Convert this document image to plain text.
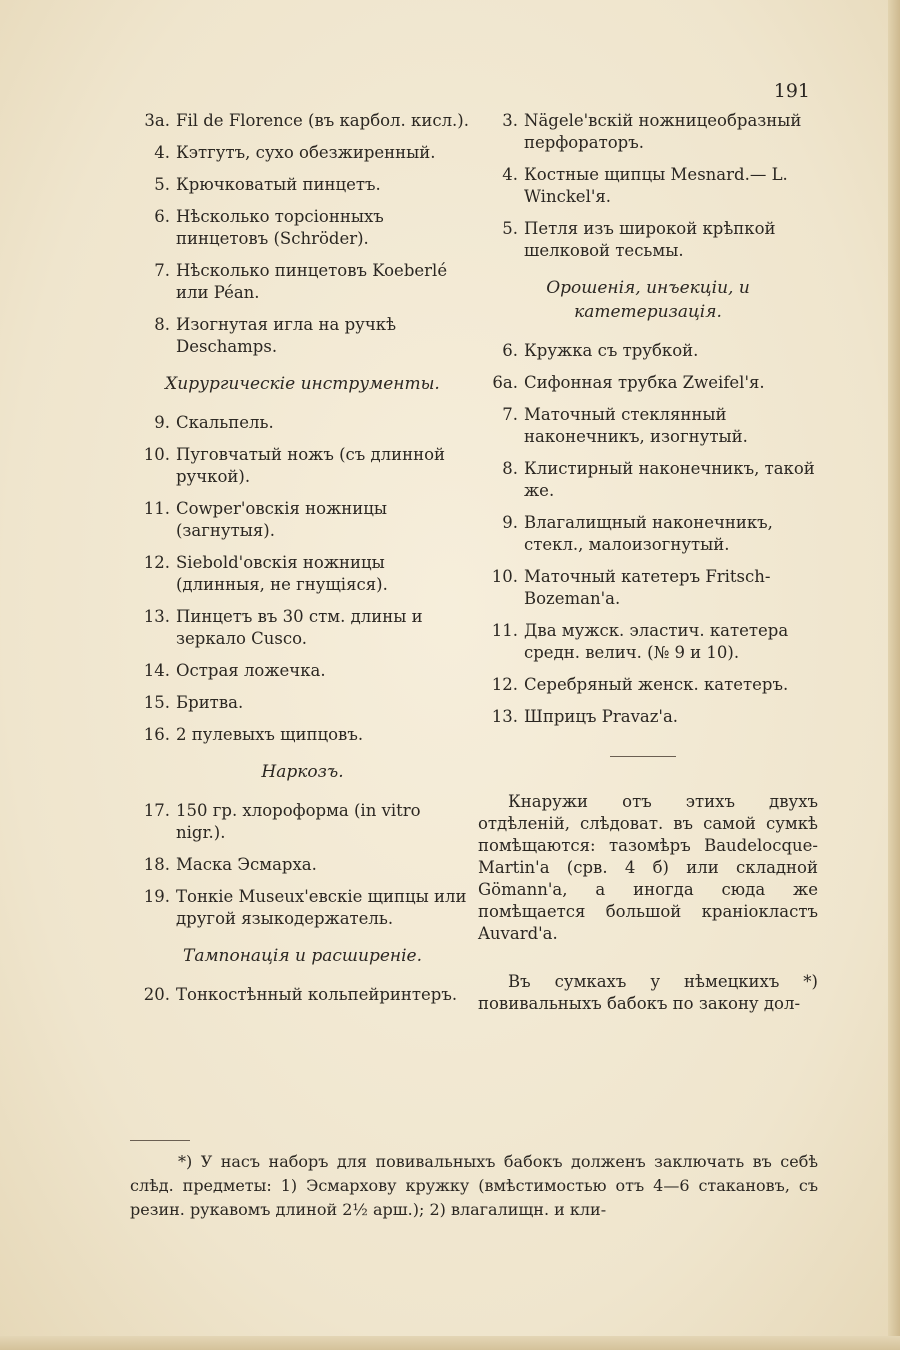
191
3a. Fil de Florence (въ карбол. кисл.).
4. Кэтгутъ, сухо обезжиренный.
5. Крючковатый пинцетъ.
6. Нѣсколько торсіонныхъ пинцетовъ (Schröder).
7. Нѣсколько пинцетовъ Koeberlé или Péan.
8. Изогнутая игла на ручкѣ Deschamps.
Хирургическіе инструменты.
9. Скальпель.
10. Пуговчатый ножъ (съ длинной ручкой).
11. Cowper'овскія ножницы (загнутыя).
12. Siebold'овскія ножницы (длинныя, не гнущіяся).
13. Пинцетъ въ 30 стм. длины и зеркало Cusco.
14. Острая ложечка.
15. Бритва.
16. 2 пулевыхъ щипцовъ.
Наркозъ.
17. 150 гр. хлороформа (in vitro nigr.).
18. Маска Эсмарха.
19. Тонкіе Museux'евскіе щипцы или другой языкодержатель.
Тампонація и расширеніе.
20. Тонкостѣнный кольпейринтеръ.
3. Nägele'вскій ножницеобразный перфораторъ.
4. Костные щипцы Mesnard.— L. Winckel'я.
5. Петля изъ широкой крѣпкой шелковой тесьмы.
Орошенія, инъекціи, и катетеризація.
6. Кружка съ трубкой.
6a. Сифонная трубка Zweifel'я.
7. Маточный стеклянный наконечникъ, изогнутый.
8. Клистирный наконечникъ, такой же.
9. Влагалищный наконечникъ, стекл., малоизогнутый.
10. Маточный катетеръ Fritsch-Bozeman'а.
11. Два мужск. эластич. катетера средн. велич. (№ 9 и 10).
12. Серебряный женск. катетеръ.
13. Шприцъ Pravaz'а.

Кнаружи отъ этихъ двухъ отдѣленій, слѣдоват. въ самой сумкѣ помѣщаются: тазомѣръ Baudelocque-Martin'а (срв. 4 б) или складной Gömann'а, а иногда сюда же помѣщается большой краніокластъ Auvard'а.

Въ сумкахъ у нѣмецкихъ *) повивальныхъ бабокъ по закону дол-

*) У насъ наборъ для повивальныхъ бабокъ долженъ заключать въ себѣ слѣд. предметы: 1) Эсмархову кружку (вмѣстимостью отъ 4—6 стакановъ, съ резин. рукавомъ длиной 2½ арш.); 2) влагалищн. и кли-
